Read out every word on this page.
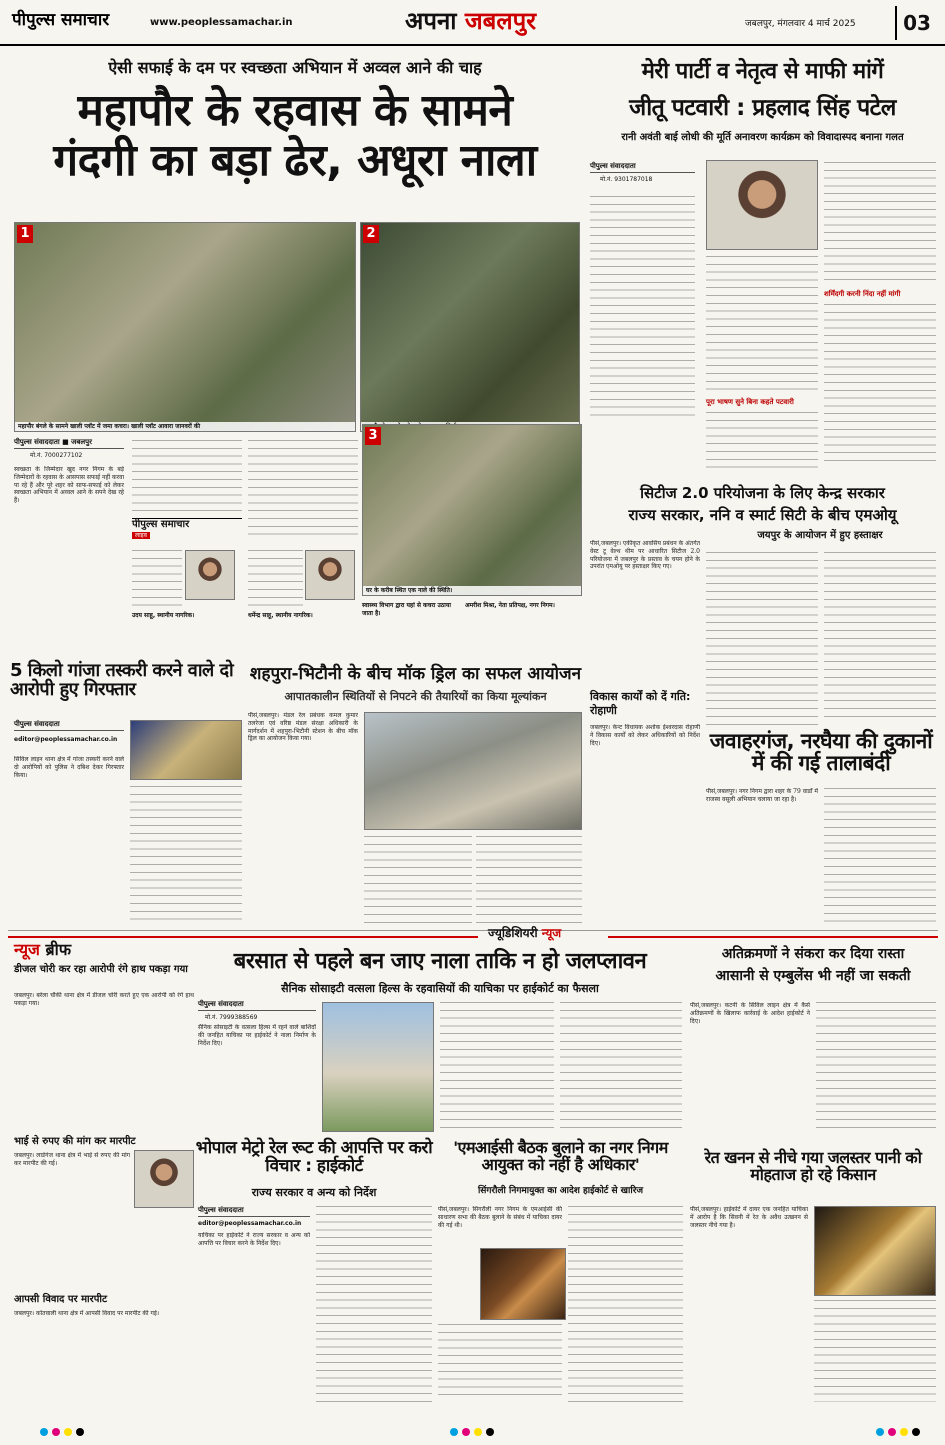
पीपुल्स समाचार	www.peoplessamachar.in	अपना जबलपुर	जबलपुर, मंगलवार 4 मार्च 2025	03
ऐसी सफाई के दम पर स्वच्छता अभियान में अव्वल आने की चाह
महापौर के रहवास के सामने
गंदगी का बड़ा ढेर, अधूरा नाला
1
महापौर बंगले के सामने खाली प्लॉट में जमा कचरा। खाली प्लॉट आवारा जानवरों की
2
पीपुल्स संवाददाता ■ जबलपुर
मो.नं. 7000277102
स्वच्छता के जिम्मेदार खुद नगर निगम के बड़े जिम्मेदारों के रहवास के आसपास सफाई नहीं करवा पा रहे हैं और पूरे शहर को साफ-सफाई को लेकर स्वच्छता अभियान में अव्वल आने के सपने देख रहे हैं।
पीपुल्स समाचार
लाइव
उदय साहू, स्थानीय नागरिक।	धर्मेन्द्र साहू, स्थानीय नागरिक।
3
घर के करीब स्थित एक नाले की स्थिति।
स्वास्थ्य विभाग द्वारा यहां से कचरा उठाया जाता है।
अमरीश मिश्रा, नेता प्रतिपक्ष, नगर निगम।
5 किलो गांजा तस्करी करने वाले दो आरोपी हुए गिरफ्तार
पीपुल्स संवाददाता
editor@peoplessamachar.co.in
सिविल लाइन थाना क्षेत्र में गांजा तस्करी करने वाले दो आरोपियों को पुलिस ने दबिश देकर गिरफ्तार किया।
शहपुरा-भिटौनी के बीच मॉक ड्रिल का सफल आयोजन
आपातकालीन स्थितियों से निपटने की तैयारियों का किया मूल्यांकन
पीसं,जबलपुर। मंडल रेल प्रबंधक कमल कुमार तलरेजा एवं वरिष्ठ मंडल संरक्षा अधिकारी के मार्गदर्शन में शहपुरा-भिटौनी स्टेशन के बीच मॉक ड्रिल का आयोजन किया गया।
मेरी पार्टी व नेतृत्व से माफी मांगें
जीतू पटवारी : प्रहलाद सिंह पटेल
रानी अवंती बाई लोधी की मूर्ति अनावरण कार्यक्रम को विवादास्पद बनाना गलत
पीपुल्स संवाददाता
मो.नं. 9301787018
पूरा भाषण सुने बिना कहते पटवारी
शर्मिंदगी करनी निंदा नहीं मांगी
सिटीज 2.0 परियोजना के लिए केन्द्र सरकार
राज्य सरकार, ननि व स्मार्ट सिटी के बीच एमओयू
जयपुर के आयोजन में हुए हस्ताक्षर
पीसं,जबलपुर। एकीकृत आवसिय प्रबंधन के अंतर्गत वेस्ट टू वेल्थ थीम पर आधारित सिटीज 2.0 परियोजना में जबलपुर के प्रस्ताव के चयन होने के उपरांत एमओयू पर हस्ताक्षर किए गए।
विकास कार्यों को दें गति: रोहाणी
जबलपुर। केन्ट विधायक अशोक ईश्वरदास रोहाणी ने विकास कार्यों को लेकर अधिकारियों को निर्देश दिए।	जवाहरगंज, नरघैया की दुकानों में की गई तालाबंदी
पीसं,जबलपुर। नगर निगम द्वारा शहर के 79 वार्डों में राजस्व वसूली अभियान चलाया जा रहा है।
ज्यूडिशियरी न्यूज
न्यूज ब्रीफ
डीजल चोरी कर रहा आरोपी रंगे हाथ पकड़ा गया
जबलपुर। बरेला चौकी थाना क्षेत्र में डीजल चोरी करते हुए एक आरोपी को रंगे हाथ पकड़ा गया।
भाई से रुपए की मांग कर मारपीट
जबलपुर। लार्डगंज थाना क्षेत्र में भाई से रुपए की मांग कर मारपीट की गई।
आपसी विवाद पर मारपीट
जबलपुर। कोतवाली थाना क्षेत्र में आपसी विवाद पर मारपीट की गई।
बरसात से पहले बन जाए नाला ताकि न हो जलप्लावन
सैनिक सोसाइटी वत्सला हिल्स के रहवासियों की याचिका पर हाईकोर्ट का फैसला
पीपुल्स संवाददाता
मो.नं. 7999388569
सैनिक सोसाइटी के वत्सला हिल्स में रहने वाले बाशिंदों की जनहित याचिका पर हाईकोर्ट ने नाला निर्माण के निर्देश दिए।
अतिक्रमणों ने संकरा कर दिया रास्ता
आसानी से एम्बुलेंस भी नहीं जा सकती
पीसं,जबलपुर। कटनी के सिविल लाइन क्षेत्र में कैसे अतिक्रमणों के खिलाफ कार्रवाई के आदेश हाईकोर्ट ने दिए।
भोपाल मेट्रो रेल रूट की आपत्ति पर करो विचार : हाईकोर्ट
राज्य सरकार व अन्य को निर्देश
पीपुल्स संवाददाता
editor@peoplessamachar.co.in
याचिका पर हाईकोर्ट ने राज्य सरकार व अन्य को आपत्ति पर विचार करने के निर्देश दिए।
'एमआईसी बैठक बुलाने का नगर निगम आयुक्त को नहीं है अधिकार'
सिंगरौली निगमायुक्त का आदेश हाईकोर्ट से खारिज
पीसं,जबलपुर। सिंगरौली नगर निगम के एमआईसी की साधारण सभा की बैठक बुलाने के संबंध में याचिका दायर की गई थी।
रेत खनन से नीचे गया जलस्तर पानी को मोहताज हो रहे किसान
पीसं,जबलपुर। हाईकोर्ट में दायर एक जनहित याचिका में आरोप है कि सिवनी में रेत के अवैध उत्खनन से जलस्तर नीचे गया है।
